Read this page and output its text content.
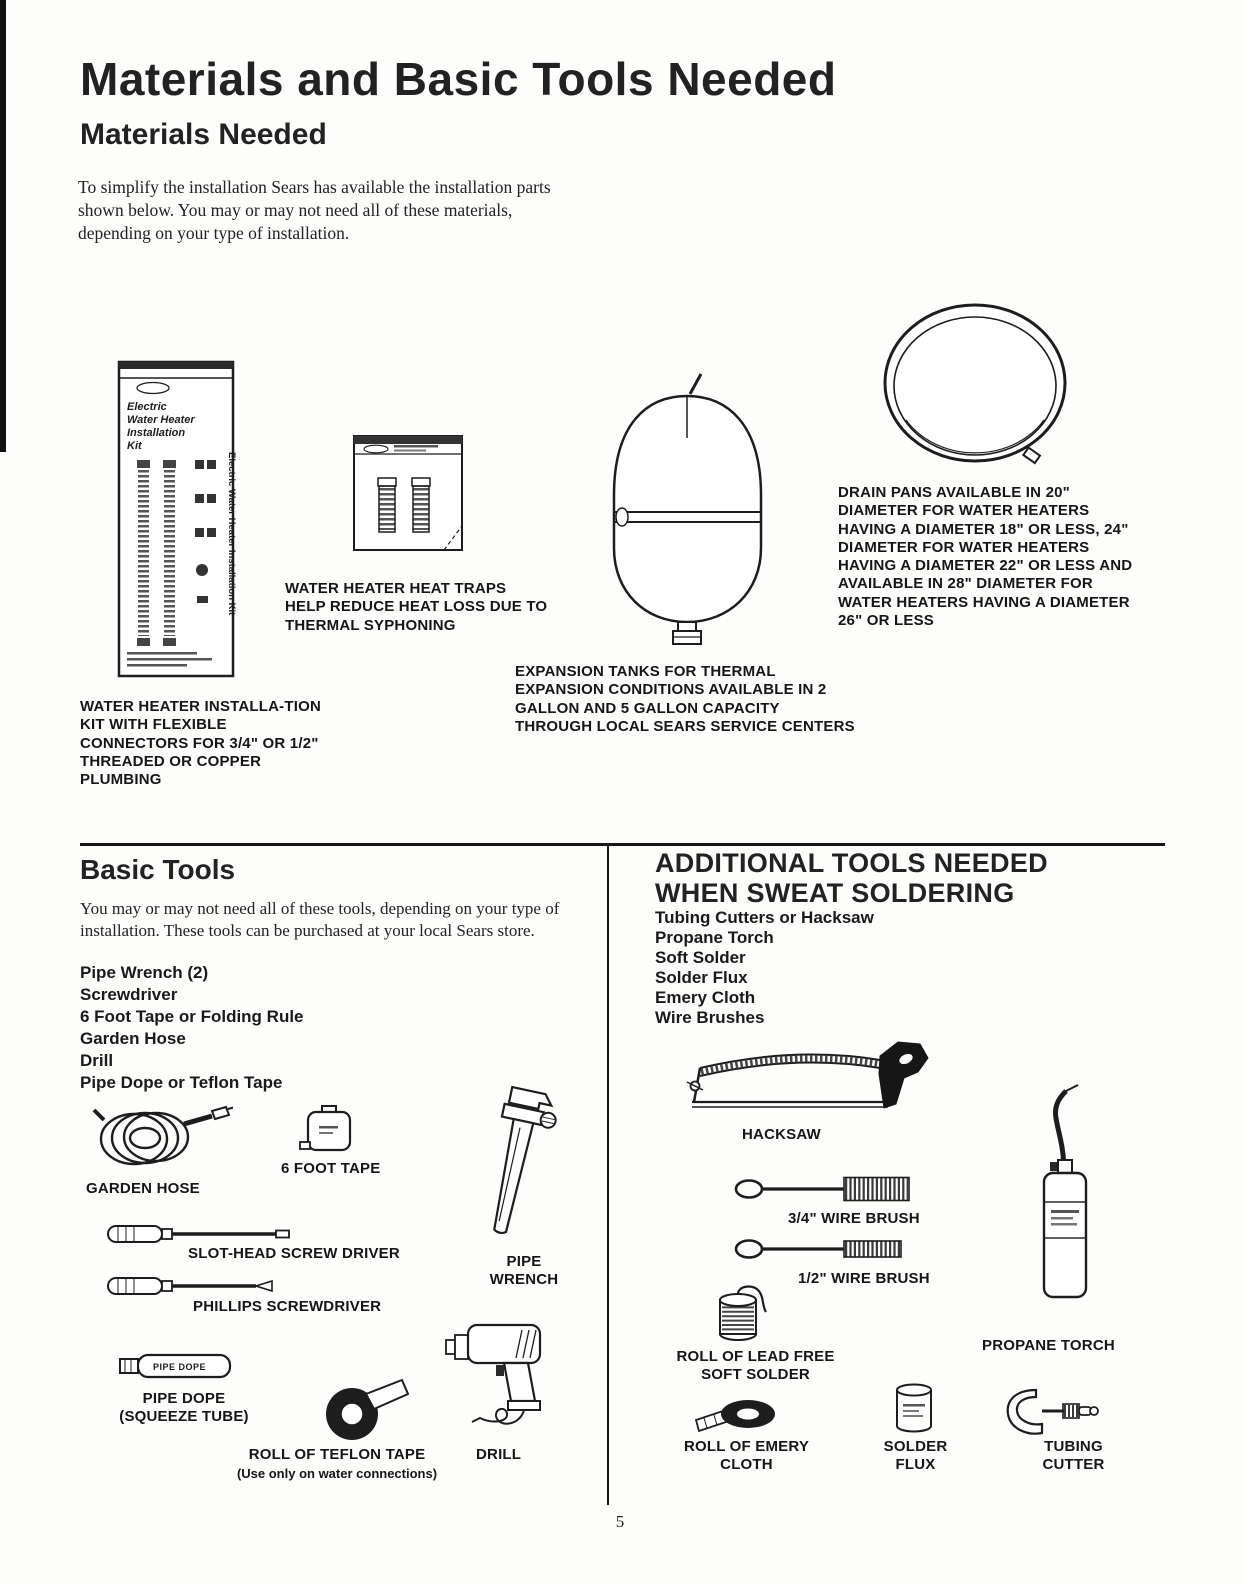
Materials and Basic Tools Needed
Materials Needed

To simplify the installation Sears has available the installation parts shown below. You may or may not need all of these materials, depending on your type of installation.

Electric
Water Heater
Installation
Kit
Electric Water Heater Installation Kit
WATER HEATER INSTALLA-TION KIT WITH FLEXIBLE CONNECTORS FOR 3/4" OR 1/2" THREADED OR COPPER PLUMBING
WATER HEATER HEAT TRAPS HELP REDUCE HEAT LOSS DUE TO THERMAL SYPHONING
EXPANSION TANKS FOR THERMAL EXPANSION CONDITIONS AVAILABLE IN 2 GALLON AND 5 GALLON CAPACITY THROUGH LOCAL SEARS SERVICE CENTERS
DRAIN PANS AVAILABLE IN 20" DIAMETER FOR WATER HEATERS HAVING A DIAMETER 18" OR LESS, 24" DIAMETER FOR WATER HEATERS HAVING A DIAMETER 22" OR LESS AND AVAILABLE IN 28" DIAMETER FOR WATER HEATERS HAVING A DIAMETER 26" OR LESS
Basic Tools

You may or may not need all of these tools, depending on your type of installation. These tools can be purchased at your local Sears store.

Pipe Wrench (2)
Screwdriver
6 Foot Tape or Folding Rule
Garden Hose
Drill
Pipe Dope or Teflon Tape
GARDEN HOSE
6 FOOT TAPE
PIPE WRENCH
SLOT-HEAD SCREW DRIVER
PHILLIPS SCREWDRIVER
PIPE DOPE
PIPE DOPE (SQUEEZE TUBE)
ROLL OF TEFLON TAPE
(Use only on water connections)
DRILL
ADDITIONAL TOOLS NEEDED
WHEN SWEAT SOLDERING
Tubing Cutters or Hacksaw
Propane Torch
Soft Solder
Solder Flux
Emery Cloth
Wire Brushes
HACKSAW
3/4" WIRE BRUSH
1/2" WIRE BRUSH
ROLL OF LEAD FREE SOFT SOLDER
PROPANE TORCH
ROLL OF EMERY CLOTH
SOLDER FLUX
TUBING CUTTER
5
